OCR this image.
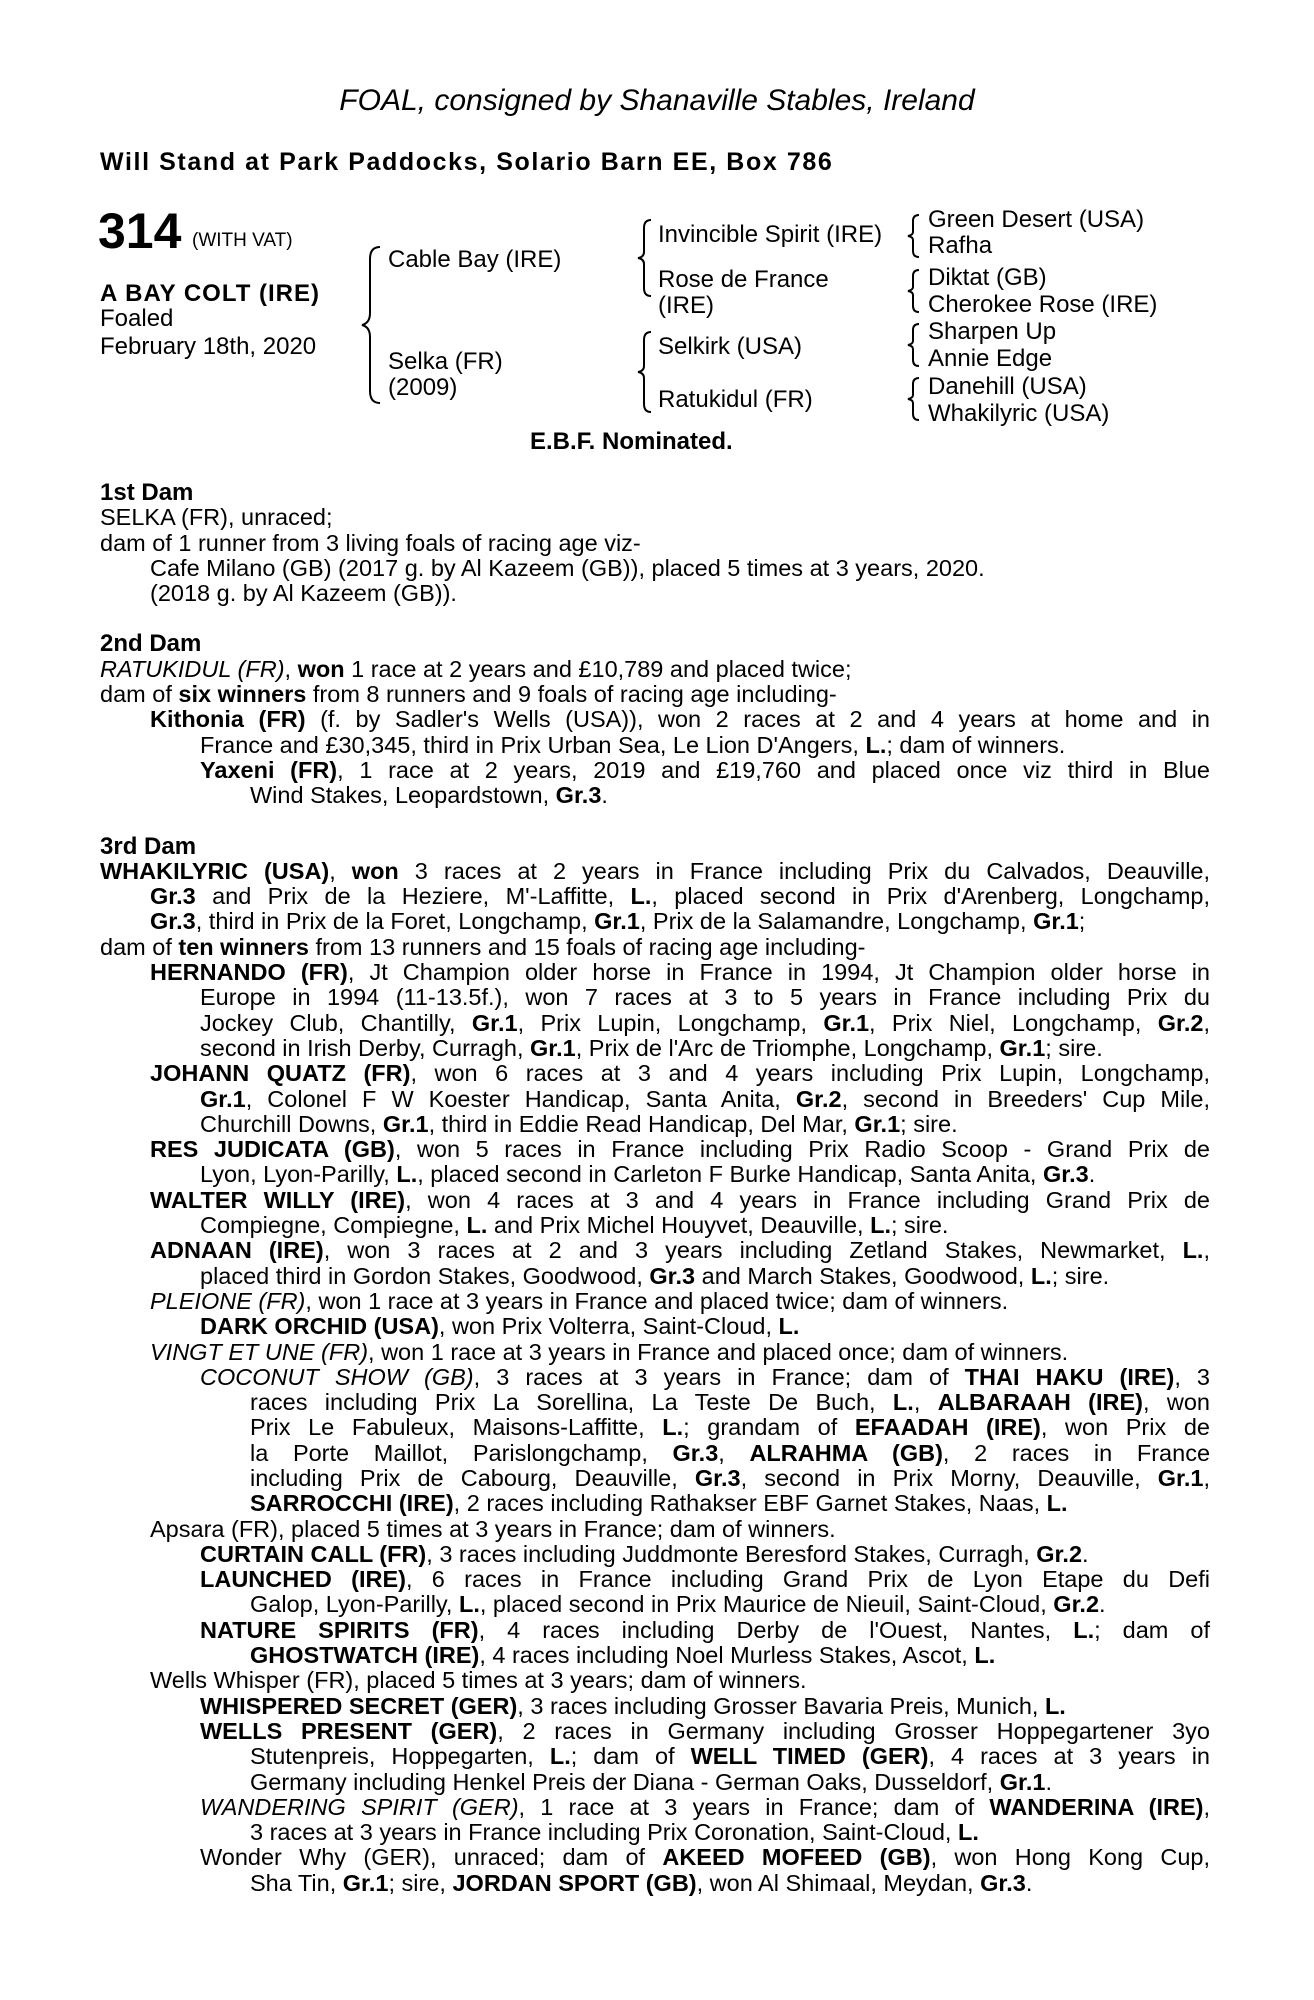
FOAL, consigned by Shanaville Stables, Ireland
Will Stand at Park Paddocks, Solario Barn EE, Box 786
314 (WITH VAT)
A BAY COLT (IRE)
Foaled
February 18th, 2020
Cable Bay (IRE)
Selka (FR)
(2009)
Invincible Spirit (IRE)
Rose de France
(IRE)
Selkirk (USA)
Ratukidul (FR)
Green Desert (USA)
Rafha
Diktat (GB)
Cherokee Rose (IRE)
Sharpen Up
Annie Edge
Danehill (USA)
Whakilyric (USA)
E.B.F. Nominated.
1st Dam
SELKA (FR), unraced;
dam of 1 runner from 3 living foals of racing age viz-
Cafe Milano (GB) (2017 g. by Al Kazeem (GB)), placed 5 times at 3 years, 2020.
(2018 g. by Al Kazeem (GB)).
2nd Dam
RATUKIDUL (FR), won 1 race at 2 years and £10,789 and placed twice;
dam of six winners from 8 runners and 9 foals of racing age including-
Kithonia (FR) (f. by Sadler's Wells (USA)), won 2 races at 2 and 4 years at home and in
France and £30,345, third in Prix Urban Sea, Le Lion D'Angers, L.; dam of winners.
Yaxeni (FR), 1 race at 2 years, 2019 and £19,760 and placed once viz third in Blue
Wind Stakes, Leopardstown, Gr.3.
3rd Dam
WHAKILYRIC (USA), won 3 races at 2 years in France including Prix du Calvados, Deauville,
Gr.3 and Prix de la Heziere, M'-Laffitte, L., placed second in Prix d'Arenberg, Longchamp,
Gr.3, third in Prix de la Foret, Longchamp, Gr.1, Prix de la Salamandre, Longchamp, Gr.1;
dam of ten winners from 13 runners and 15 foals of racing age including-
HERNANDO (FR), Jt Champion older horse in France in 1994, Jt Champion older horse in
Europe in 1994 (11-13.5f.), won 7 races at 3 to 5 years in France including Prix du
Jockey Club, Chantilly, Gr.1, Prix Lupin, Longchamp, Gr.1, Prix Niel, Longchamp, Gr.2,
second in Irish Derby, Curragh, Gr.1, Prix de l'Arc de Triomphe, Longchamp, Gr.1; sire.
JOHANN QUATZ (FR), won 6 races at 3 and 4 years including Prix Lupin, Longchamp,
Gr.1, Colonel F W Koester Handicap, Santa Anita, Gr.2, second in Breeders' Cup Mile,
Churchill Downs, Gr.1, third in Eddie Read Handicap, Del Mar, Gr.1; sire.
RES JUDICATA (GB), won 5 races in France including Prix Radio Scoop - Grand Prix de
Lyon, Lyon-Parilly, L., placed second in Carleton F Burke Handicap, Santa Anita, Gr.3.
WALTER WILLY (IRE), won 4 races at 3 and 4 years in France including Grand Prix de
Compiegne, Compiegne, L. and Prix Michel Houyvet, Deauville, L.; sire.
ADNAAN (IRE), won 3 races at 2 and 3 years including Zetland Stakes, Newmarket, L.,
placed third in Gordon Stakes, Goodwood, Gr.3 and March Stakes, Goodwood, L.; sire.
PLEIONE (FR), won 1 race at 3 years in France and placed twice; dam of winners.
DARK ORCHID (USA), won Prix Volterra, Saint-Cloud, L.
VINGT ET UNE (FR), won 1 race at 3 years in France and placed once; dam of winners.
COCONUT SHOW (GB), 3 races at 3 years in France; dam of THAI HAKU (IRE), 3
races including Prix La Sorellina, La Teste De Buch, L., ALBARAAH (IRE), won
Prix Le Fabuleux, Maisons-Laffitte, L.; grandam of EFAADAH (IRE), won Prix de
la Porte Maillot, Parislongchamp, Gr.3, ALRAHMA (GB), 2 races in France
including Prix de Cabourg, Deauville, Gr.3, second in Prix Morny, Deauville, Gr.1,
SARROCCHI (IRE), 2 races including Rathakser EBF Garnet Stakes, Naas, L.
Apsara (FR), placed 5 times at 3 years in France; dam of winners.
CURTAIN CALL (FR), 3 races including Juddmonte Beresford Stakes, Curragh, Gr.2.
LAUNCHED (IRE), 6 races in France including Grand Prix de Lyon Etape du Defi
Galop, Lyon-Parilly, L., placed second in Prix Maurice de Nieuil, Saint-Cloud, Gr.2.
NATURE SPIRITS (FR), 4 races including Derby de l'Ouest, Nantes, L.; dam of
GHOSTWATCH (IRE), 4 races including Noel Murless Stakes, Ascot, L.
Wells Whisper (FR), placed 5 times at 3 years; dam of winners.
WHISPERED SECRET (GER), 3 races including Grosser Bavaria Preis, Munich, L.
WELLS PRESENT (GER), 2 races in Germany including Grosser Hoppegartener 3yo
Stutenpreis, Hoppegarten, L.; dam of WELL TIMED (GER), 4 races at 3 years in
Germany including Henkel Preis der Diana - German Oaks, Dusseldorf, Gr.1.
WANDERING SPIRIT (GER), 1 race at 3 years in France; dam of WANDERINA (IRE),
3 races at 3 years in France including Prix Coronation, Saint-Cloud, L.
Wonder Why (GER), unraced; dam of AKEED MOFEED (GB), won Hong Kong Cup,
Sha Tin, Gr.1; sire, JORDAN SPORT (GB), won Al Shimaal, Meydan, Gr.3.
